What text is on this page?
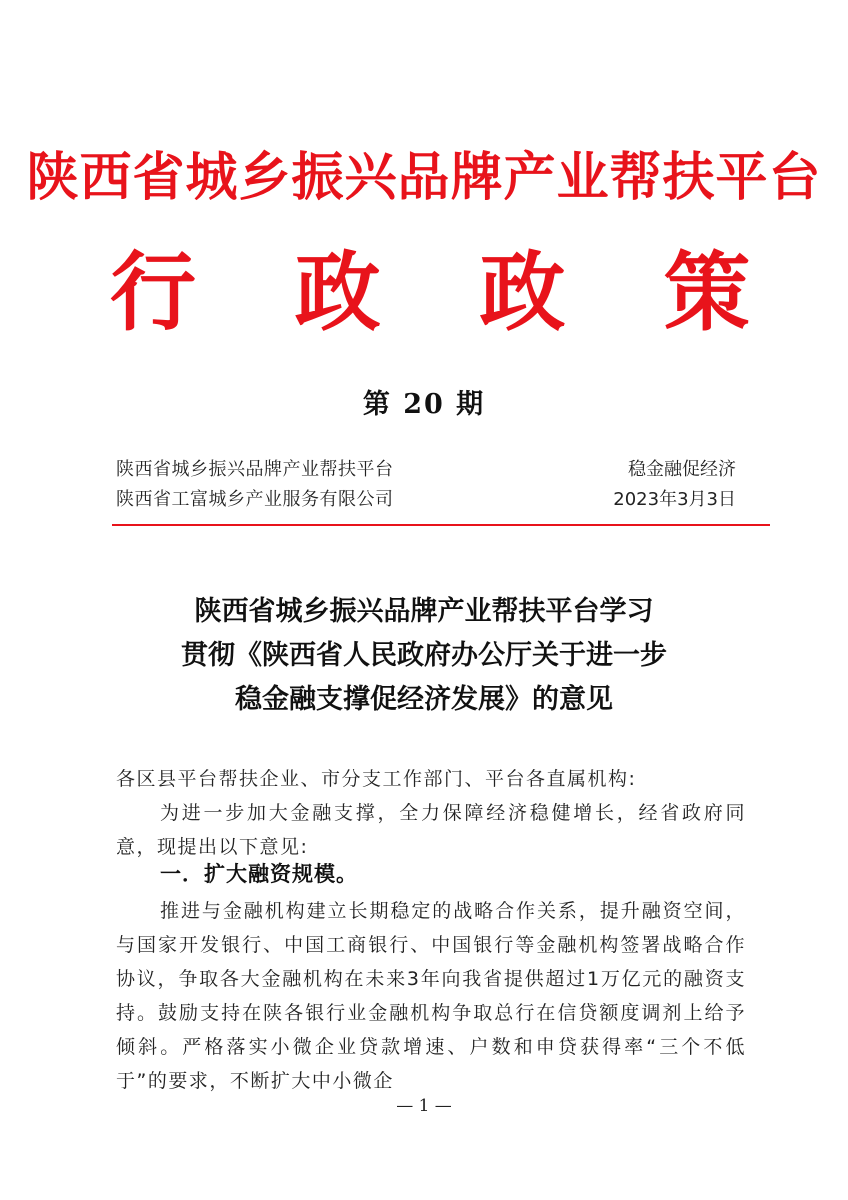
陕西省城乡振兴品牌产业帮扶平台
行 政 政 策
第 20 期
陕西省城乡振兴品牌产业帮扶平台	稳金融促经济
陕西省工富城乡产业服务有限公司	2023年3月3日
陕西省城乡振兴品牌产业帮扶平台学习
贯彻《陕西省人民政府办公厅关于进一步
稳金融支撑促经济发展》的意见

各区县平台帮扶企业、市分支工作部门、平台各直属机构:

为进一步加大金融支撑，全力保障经济稳健增长，经省政府同意，现提出以下意见:

一．扩大融资规模。

推进与金融机构建立长期稳定的战略合作关系，提升融资空间，与国家开发银行、中国工商银行、中国银行等金融机构签署战略合作协议，争取各大金融机构在未来3年向我省提供超过1万亿元的融资支持。鼓励支持在陕各银行业金融机构争取总行在信贷额度调剂上给予倾斜。严格落实小微企业贷款增速、户数和申贷获得率“三个不低于”的要求，不断扩大中小微企

— 1 —
